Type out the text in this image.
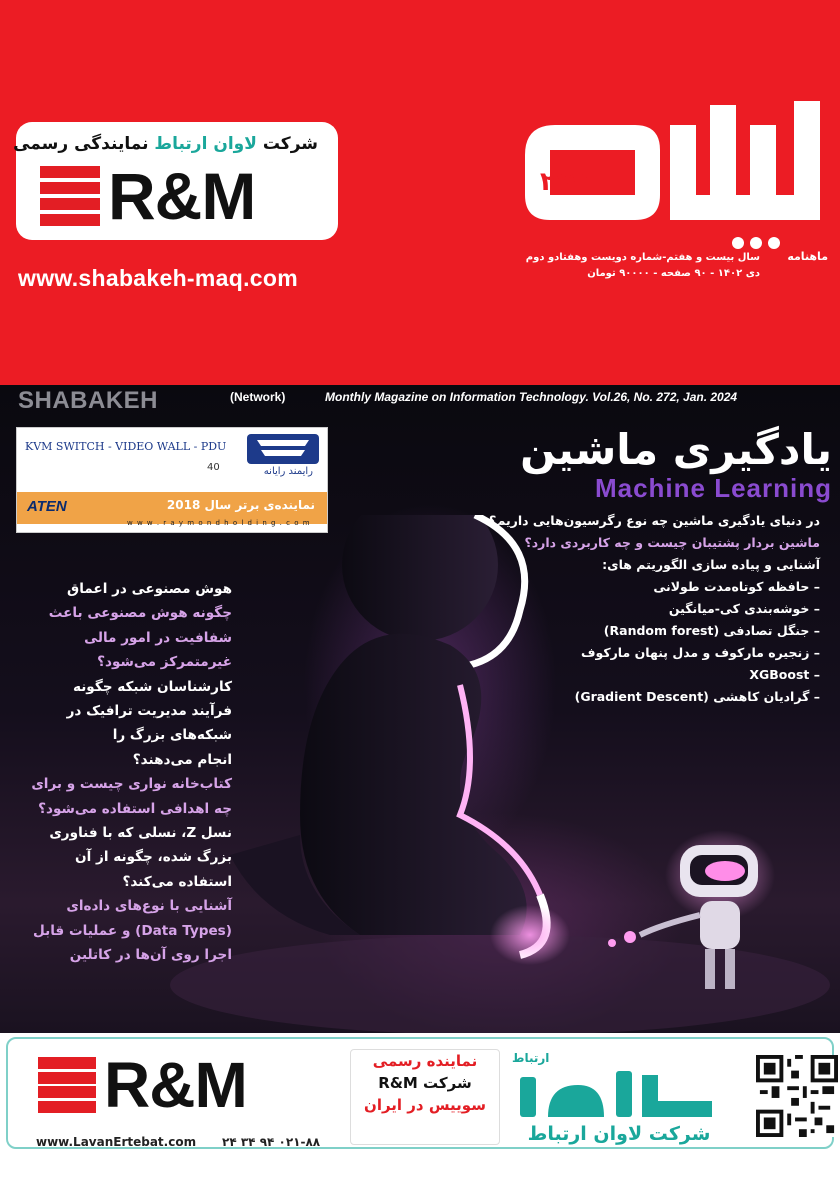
شرکت لاوان ارتباط نمایندگی رسمی
R&M
www.shabakeh-maq.com
۲۷۲
ماهنامه
سال بیست و هفتم-شماره دویست وهفتادو دوم
دی ۱۴۰۲ - ۹۰ صفحه - ۹۰۰۰۰ تومان
SHABAKEH	(Network)	Monthly Magazine on Information Technology. Vol.26, No. 272, Jan. 2024
KVM SWITCH - VIDEO WALL - PDU
رایمند رایانه
40
ATEN	نماینده‌ی برتر سال 2018
w w w . r a y m o n d h o l d i n g . c o m
یادگیری ماشین
Machine Learning
در دنیای یادگیری ماشین چه نوع رگرسیون‌هایی داریم؟
ماشین بردار پشتیبان چیست و چه کاربردی دارد؟
آشنایی و پیاده سازی الگوریتم های:
– حافظه کوتاه‌مدت طولانی
– خوشه‌بندی کی-میانگین
– جنگل تصادفی (Random forest)
– زنجیره مارکوف و مدل پنهان مارکوف
– XGBoost
– گرادیان کاهشی (Gradient Descent)
هوش مصنوعی در اعماق
چگونه هوش مصنوعی باعث
شفافیت در امور مالی
غیرمتمرکز می‌شود؟
کارشناسان شبکه چگونه
فرآیند مدیریت ترافیک در
شبکه‌های بزرگ را
انجام می‌دهند؟
کتاب‌خانه نواری چیست و برای
چه اهدافی استفاده می‌شود؟
نسل Z، نسلی که با فناوری
بزرگ شده، چگونه از آن
استفاده می‌کند؟
آشنایی با نوع‌های داده‌ای
(Data Types) و عملیات قابل
اجرا روی آن‌ها در کاتلین
R&M
www.LavanErtebat.com ۰۲۱-۸۸ ۹۴ ۳۴ ۲۴
نماینده رسمی
شرکت R&M
سوییس در ایران
ارتباط
شرکت لاوان ارتباط
